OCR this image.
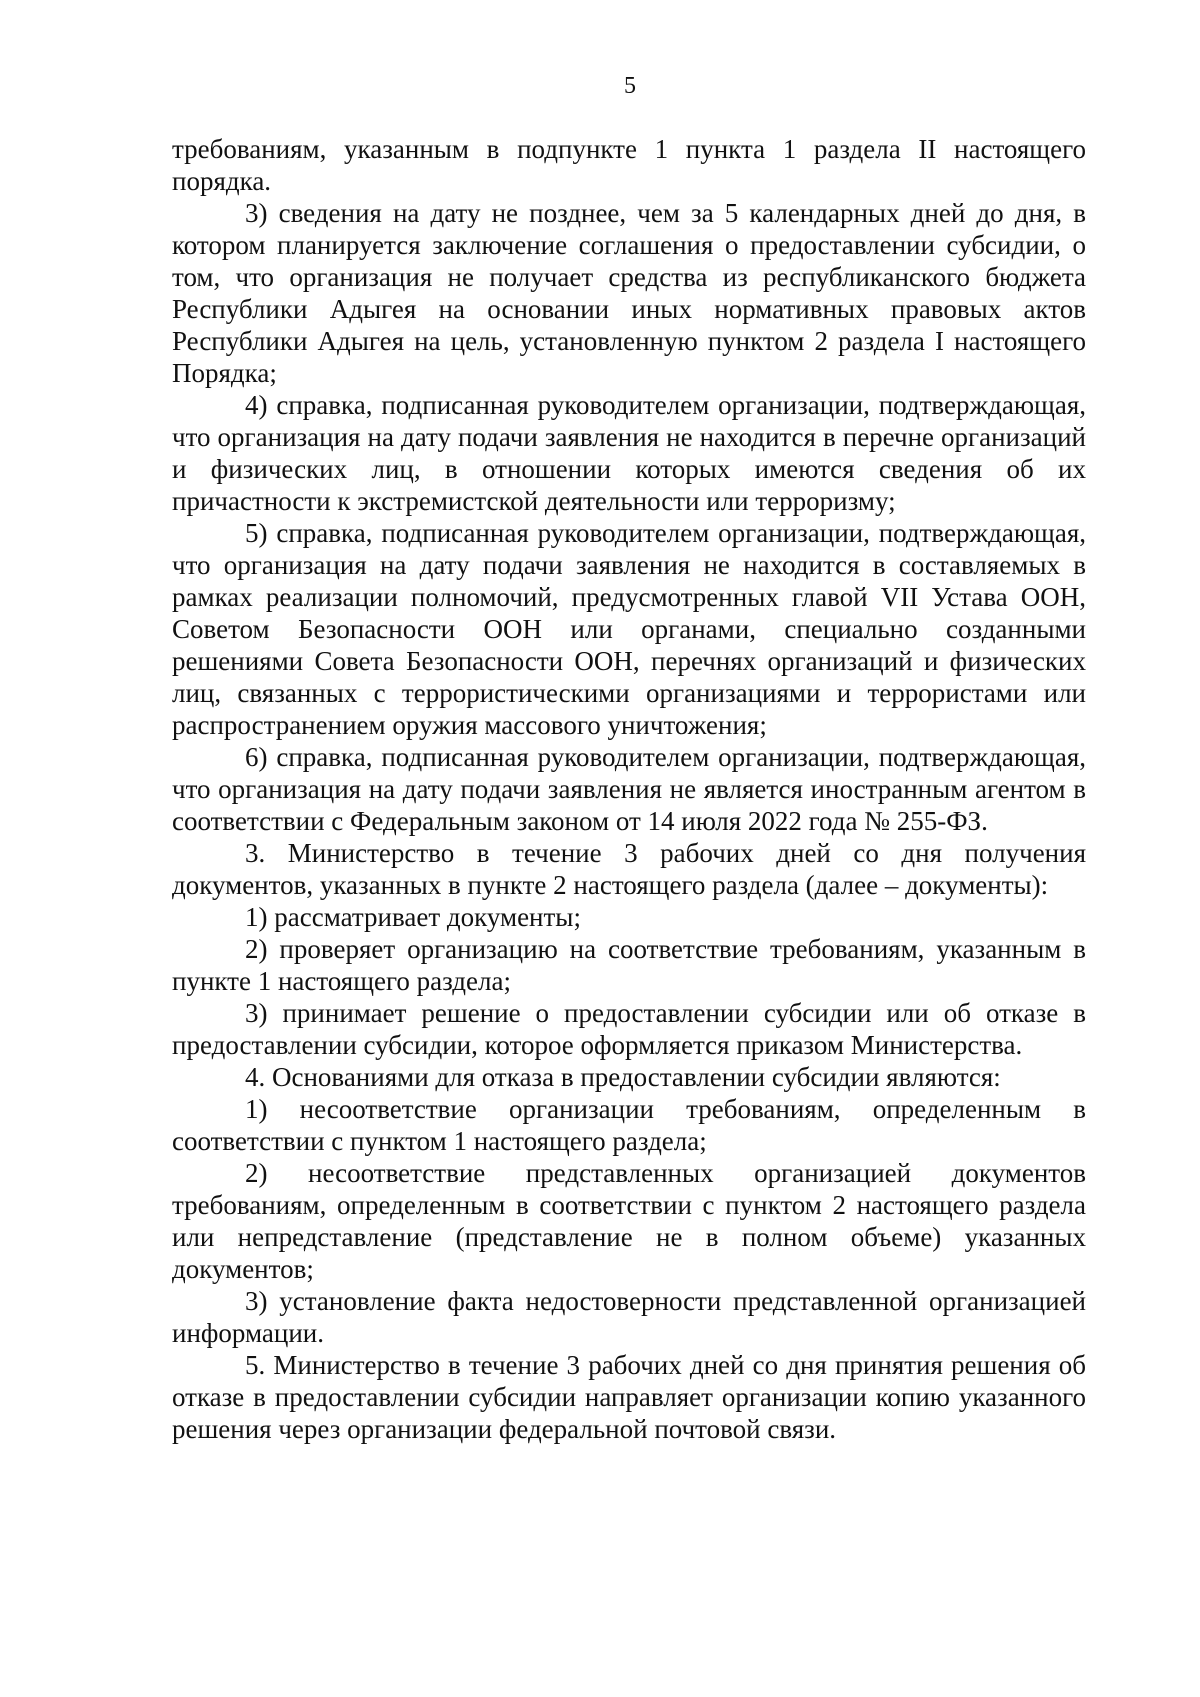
5

требованиям, указанным в подпункте 1 пункта 1 раздела II настоящего порядка.

3) сведения на дату не позднее, чем за 5 календарных дней до дня, в котором планируется заключение соглашения о предоставлении субсидии, о том, что организация не получает средства из республиканского бюджета Республики Адыгея на основании иных нормативных правовых актов Республики Адыгея на цель, установленную пунктом 2 раздела I настоящего Порядка;

4) справка, подписанная руководителем организации, подтверждающая, что организация на дату подачи заявления не находится в перечне организаций и физических лиц, в отношении которых имеются сведения об их причастности к экстремистской деятельности или терроризму;

5) справка, подписанная руководителем организации, подтверждающая, что организация на дату подачи заявления не находится в составляемых в рамках реализации полномочий, предусмотренных главой VII Устава ООН, Советом Безопасности ООН или органами, специально созданными решениями Совета Безопасности ООН, перечнях организаций и физических лиц, связанных с террористическими организациями и террористами или распространением оружия массового уничтожения;

6) справка, подписанная руководителем организации, подтверждающая, что организация на дату подачи заявления не является иностранным агентом в соответствии с Федеральным законом от 14 июля 2022 года № 255-ФЗ.

3. Министерство в течение 3 рабочих дней со дня получения документов, указанных в пункте 2 настоящего раздела (далее – документы):

1) рассматривает документы;

2) проверяет организацию на соответствие требованиям, указанным в пункте 1 настоящего раздела;

3) принимает решение о предоставлении субсидии или об отказе в предоставлении субсидии, которое оформляется приказом Министерства.

4. Основаниями для отказа в предоставлении субсидии являются:

1) несоответствие организации требованиям, определенным в соответствии с пунктом 1 настоящего раздела;

2) несоответствие представленных организацией документов требованиям, определенным в соответствии с пунктом 2 настоящего раздела или непредставление (представление не в полном объеме) указанных документов;

3) установление факта недостоверности представленной организацией информации.

5. Министерство в течение 3 рабочих дней со дня принятия решения об отказе в предоставлении субсидии направляет организации копию указанного решения через организации федеральной почтовой связи.
